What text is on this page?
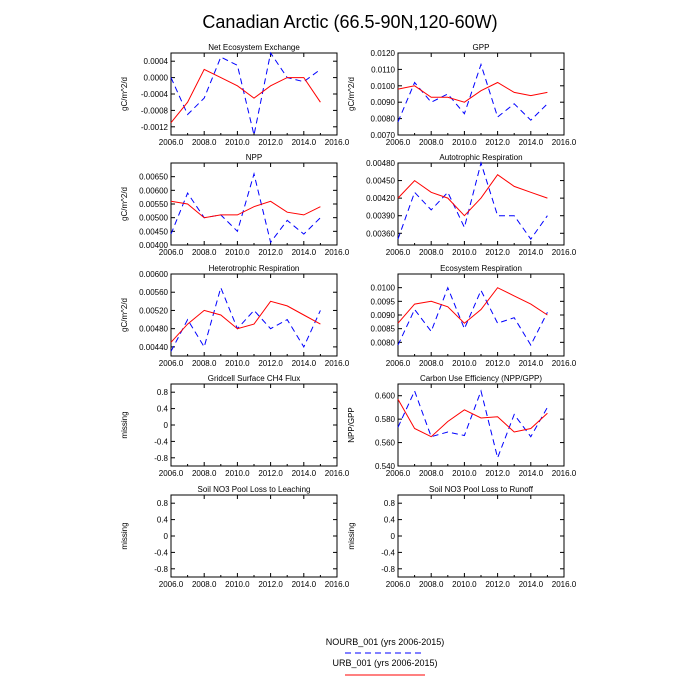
Canadian Arctic (66.5-90N,120-60W)
Net Ecosystem Exchange
2006.0 2008.0 2010.0 2012.0 2014.0 2016.0
0.0004
0.0000
-0.0004
-0.0008
-0.0012
gC/m^2/d
GPP
2006.0 2008.0 2010.0 2012.0 2014.0 2016.0
0.0120
0.0110
0.0100
0.0090
0.0080
0.0070
gC/m^2/d
NPP
2006.0 2008.0 2010.0 2012.0 2014.0 2016.0
0.00650
0.00600
0.00550
0.00500
0.00450
0.00400
gC/m^2/d
Autotrophic Respiration
2006.0 2008.0 2010.0 2012.0 2014.0 2016.0
0.00480
0.00450
0.00420
0.00390
0.00360
Heterotrophic Respiration
2006.0 2008.0 2010.0 2012.0 2014.0 2016.0
0.00600
0.00560
0.00520
0.00480
0.00440
gC/m^2/d
Ecosystem Respiration
2006.0 2008.0 2010.0 2012.0 2014.0 2016.0
0.0100
0.0095
0.0090
0.0085
0.0080
Gridcell Surface CH4 Flux
2006.0 2008.0 2010.0 2012.0 2014.0 2016.0
0.8
0.4
0
-0.4
-0.8
missing
Carbon Use Efficiency (NPP/GPP)
2006.0 2008.0 2010.0 2012.0 2014.0 2016.0
0.600
0.580
0.560
0.540
NPP/GPP
Soil NO3 Pool Loss to Leaching
2006.0 2008.0 2010.0 2012.0 2014.0 2016.0
0.8
0.4
0
-0.4
-0.8
missing
Soil NO3 Pool Loss to Runoff
2006.0 2008.0 2010.0 2012.0 2014.0 2016.0
0.8
0.4
0
-0.4
-0.8
missing
NOURB_001 (yrs 2006-2015)
URB_001 (yrs 2006-2015)
